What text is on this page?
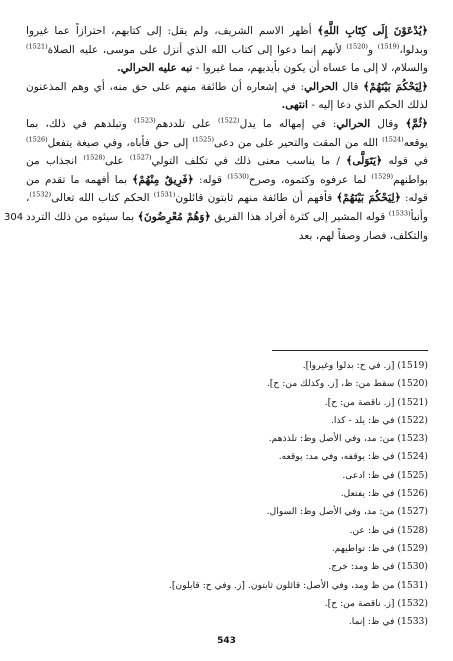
304

﴿يُدْعَوْنَ إِلَى كِتَابِ اللَّهِ﴾ أظهر الاسم الشريف، ولم يقل: إلى كتابهم، احترازاً عما غيروا وبدلوا،$^{(1519)}$ و$^{(1520)}$ لأنهم إنما دعوا إلى كتاب الله الذي أنزل على موسى، عليه الصلاة$^{(1521)}$ والسلام، لا إلى ما عساه أن يكون بأيديهم، مما غيروا - نبه عليه الحرالي.

﴿لِيَحْكُمَ بَيْنَهُمْ﴾ قال الحرالي: في إشعاره أن طائفة منهم على حق منه، أي وهم المذعنون لذلك الحكم الذي دعا إليه - انتهى.

﴿ثُمَّ﴾ وقال الحرالي: في إمهاله ما يدل$^{(1522)}$ على تلددهم$^{(1523)}$ وتبلدهم في ذلك، بما يوقعه$^{(1524)}$ الله من المقت والتحير على من دعى$^{(1525)}$ إلى حق فأباه، وفي صيغة يتفعل$^{(1526)}$ في قوله ﴿يَتَوَلَّى﴾ / ما يناسب معنى ذلك في تكلف التولي$^{(1527)}$ على$^{(1528)}$ انجذاب من بواطنهم$^{(1529)}$ لما عرفوه وكتموه، وصرح$^{(1530)}$ قوله: ﴿فَرِيقٌ مِنْهُمْ﴾ بما أفهمه ما تقدم من قوله: ﴿لِيَحْكُمَ بَيْنَهُمْ﴾ فأفهم أن طائفة منهم ثابتون قائلون$^{(1531)}$ الحكم كتاب الله تعالى$^{(1532)}$، وأنبأ$^{(1533)}$ قوله المشير إلى كثرة أفراد هذا الفريق ﴿وَهُمْ مُعْرِضُونَ﴾ بما سيئوه من ذلك التردد والتكلف، فصار وصفاً لهم، بعد

(1519) [ز. في ح: بدلوا وغيروا].
(1520) سقط من: ظ، [ز. وكذلك من: ح].
(1521) [ز. ناقصة من: ح].
(1522) في ظ: يلد - كذا.
(1523) من: مد، وفي الأصل وظ: تلذذهم.
(1524) في ظ: يوقفه، وفي مد: يوقعه.
(1525) في ظ: ادعى.
(1526) في ظ: يفتعل.
(1527) من: مد، وفي الأصل وظ: السوال.
(1528) في ظ: عن.
(1529) في ظ: تواطيهم.
(1530) في ظ ومد: خرج.
(1531) من ظ ومد، وفي الأصل: قائلون ثابتون. [ز. وفي ح: قابلون].
(1532) [ز. ناقصة من: ح].
(1533) في ظ: إنما.
543
